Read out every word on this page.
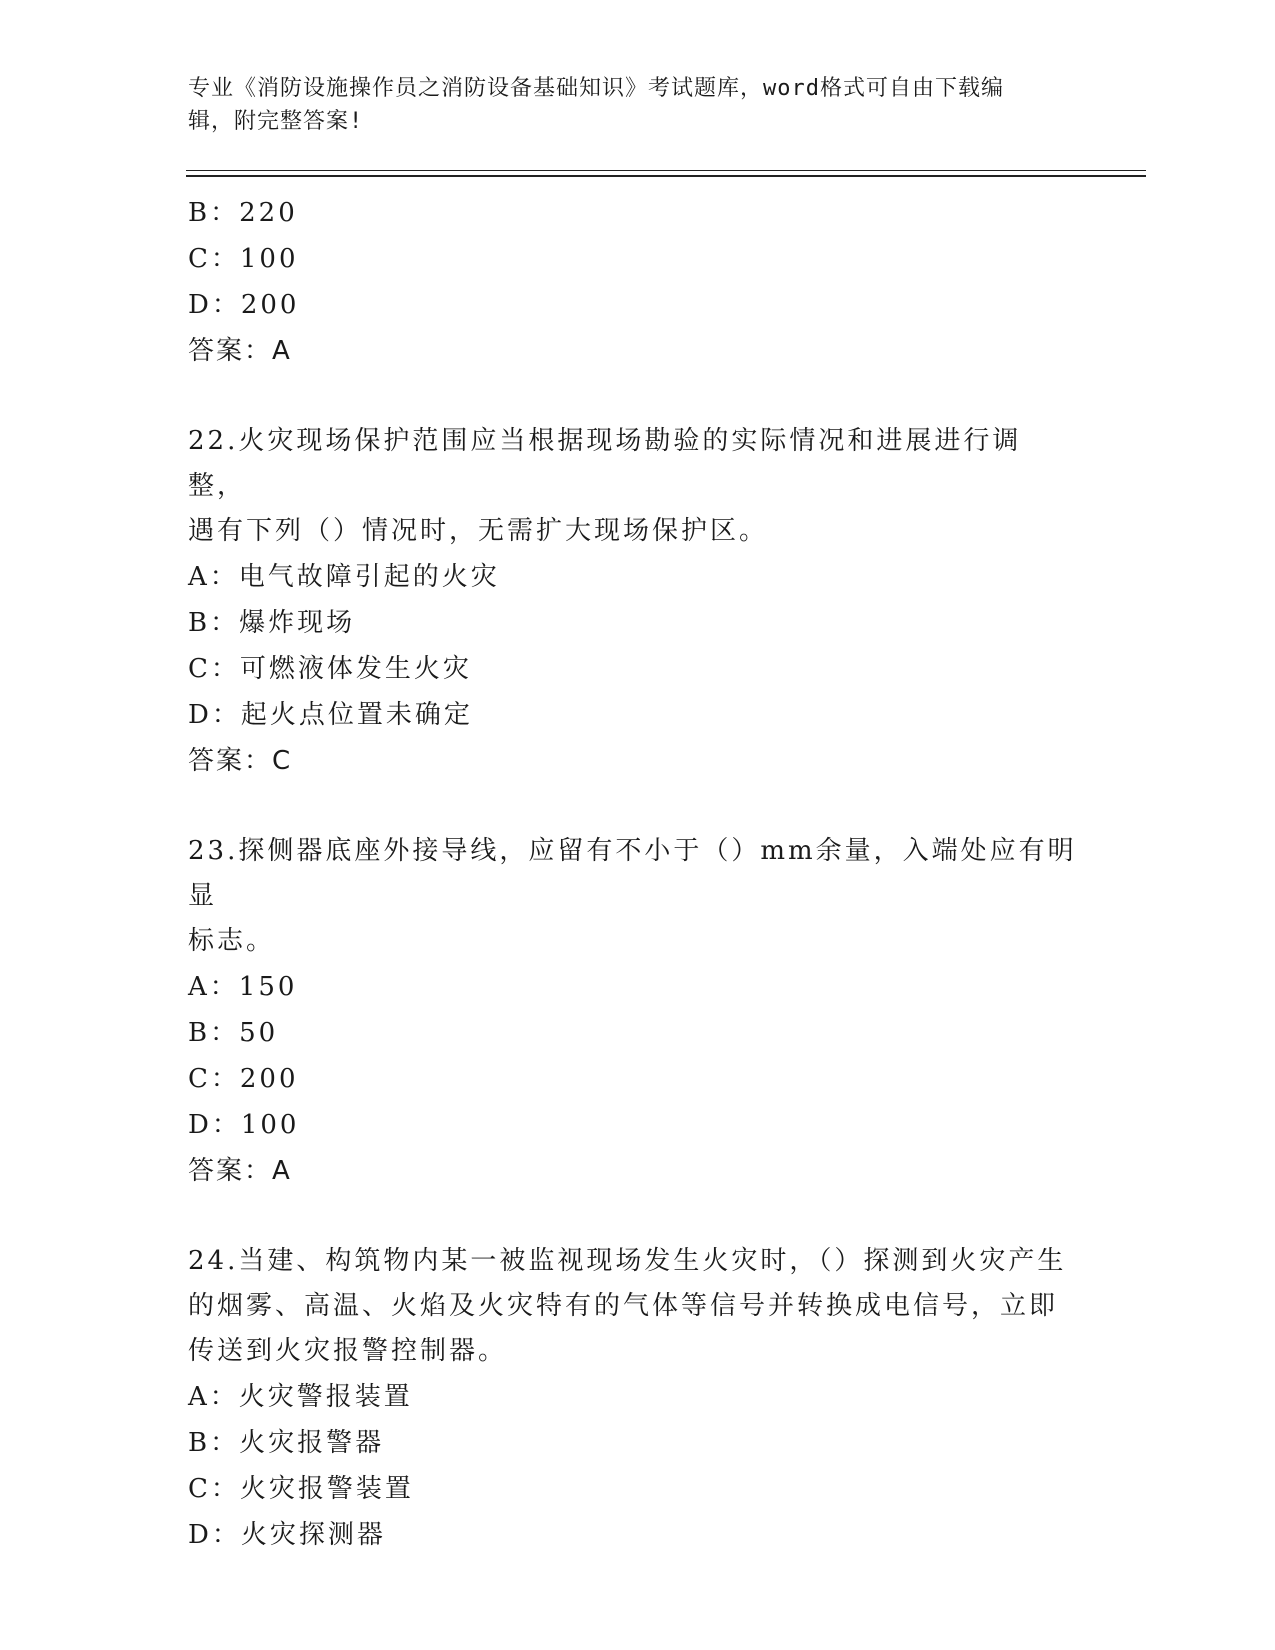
专业《消防设施操作员之消防设备基础知识》考试题库，word格式可自由下载编
辑，附完整答案!
B：220
C：100
D：200
答案：A
22.火灾现场保护范围应当根据现场勘验的实际情况和进展进行调整，
遇有下列（）情况时，无需扩大现场保护区。
A：电气故障引起的火灾
B：爆炸现场
C：可燃液体发生火灾
D：起火点位置未确定
答案：C
23.探侧器底座外接导线，应留有不小于（）mm余量，入端处应有明显
标志。
A：150
B：50
C：200
D：100
答案：A
24.当建、构筑物内某一被监视现场发生火灾时，（）探测到火灾产生
的烟雾、高温、火焰及火灾特有的气体等信号并转换成电信号，立即
传送到火灾报警控制器。
A：火灾警报装置
B：火灾报警器
C：火灾报警装置
D：火灾探测器
